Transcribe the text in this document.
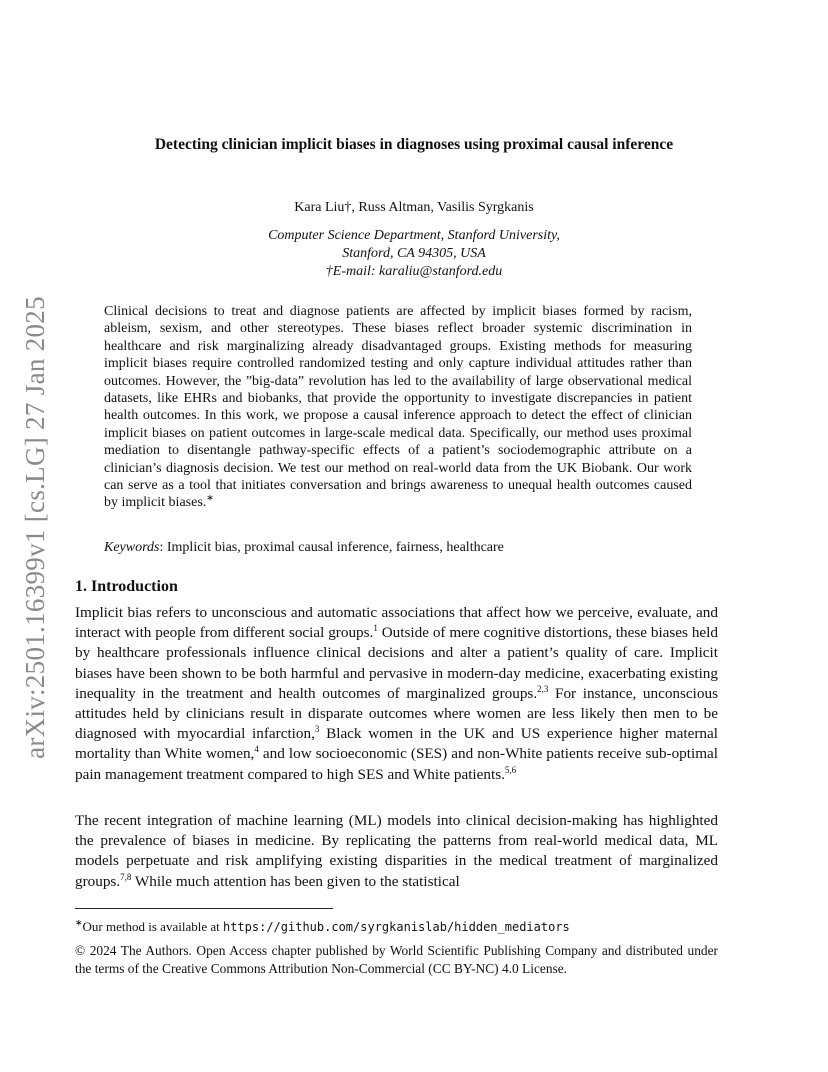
arXiv:2501.16399v1 [cs.LG] 27 Jan 2025
Detecting clinician implicit biases in diagnoses using proximal causal inference
Kara Liu†, Russ Altman, Vasilis Syrgkanis
Computer Science Department, Stanford University,
Stanford, CA 94305, USA
†E-mail: karaliu@stanford.edu
Clinical decisions to treat and diagnose patients are affected by implicit biases formed by racism, ableism, sexism, and other stereotypes. These biases reflect broader systemic discrimination in healthcare and risk marginalizing already disadvantaged groups. Existing methods for measuring implicit biases require controlled randomized testing and only capture individual attitudes rather than outcomes. However, the ”big-data” revolution has led to the availability of large observational medical datasets, like EHRs and biobanks, that provide the opportunity to investigate discrepancies in patient health outcomes. In this work, we propose a causal inference approach to detect the effect of clinician implicit biases on patient outcomes in large-scale medical data. Specifically, our method uses proximal mediation to disentangle pathway-specific effects of a patient’s sociodemographic attribute on a clinician’s diagnosis decision. We test our method on real-world data from the UK Biobank. Our work can serve as a tool that initiates conversation and brings awareness to unequal health outcomes caused by implicit biases.∗
Keywords: Implicit bias, proximal causal inference, fairness, healthcare
1. Introduction
Implicit bias refers to unconscious and automatic associations that affect how we perceive, evaluate, and interact with people from different social groups.$^1$ Outside of mere cognitive distortions, these biases held by healthcare professionals influence clinical decisions and alter a patient’s quality of care. Implicit biases have been shown to be both harmful and pervasive in modern-day medicine, exacerbating existing inequality in the treatment and health outcomes of marginalized groups.$^{2,3}$ For instance, unconscious attitudes held by clinicians result in disparate outcomes where women are less likely then men to be diagnosed with myocardial infarction,$^3$ Black women in the UK and US experience higher maternal mortality than White women,$^4$ and low socioeconomic (SES) and non-White patients receive sub-optimal pain management treatment compared to high SES and White patients.$^{5,6}$
The recent integration of machine learning (ML) models into clinical decision-making has highlighted the prevalence of biases in medicine. By replicating the patterns from real-world medical data, ML models perpetuate and risk amplifying existing disparities in the medical treatment of marginalized groups.$^{7,8}$ While much attention has been given to the statistical
∗Our method is available at https://github.com/syrgkanislab/hidden_mediators
© 2024 The Authors. Open Access chapter published by World Scientific Publishing Company and distributed under the terms of the Creative Commons Attribution Non-Commercial (CC BY-NC) 4.0 License.
